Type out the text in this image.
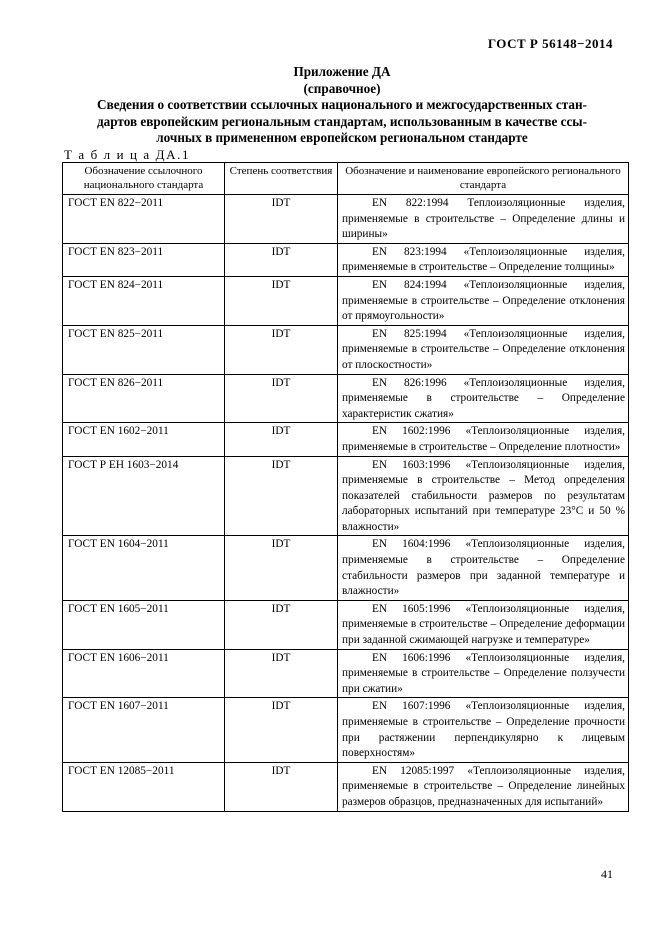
ГОСТ Р 56148−2014
Приложение ДА
(справочное)
Сведения о соответствии ссылочных национального и межгосударственных стан-
дартов европейским региональным стандартам, использованным в качестве ссы-
лочных в примененном европейском региональном стандарте
Т а б л и ц а ДА.1
Обозначение ссылочного национального стандарта	Степень соответствия	Обозначение и наименование европейского регионального стандарта
ГОСТ EN 822−2011	IDT	EN 822:1994 Теплоизоляционные изделия, применяемые в строительстве – Определение длины и ширины»
ГОСТ EN 823−2011	IDT	EN 823:1994 «Теплоизоляционные изделия, применяемые в строительстве – Определение толщины»
ГОСТ EN 824−2011	IDT	EN 824:1994 «Теплоизоляционные изделия, применяемые в строительстве – Определение отклонения от прямоугольности»
ГОСТ EN 825−2011	IDT	EN 825:1994 «Теплоизоляционные изделия, применяемые в строительстве – Определение отклонения от плоскостности»
ГОСТ EN 826−2011	IDT	EN 826:1996 «Теплоизоляционные изделия, применяемые в строительстве – Определение характеристик сжатия»
ГОСТ EN 1602−2011	IDT	EN 1602:1996 «Теплоизоляционные изделия, применяемые в строительстве – Определение плотности»
ГОСТ Р ЕН 1603−2014	IDT	EN 1603:1996 «Теплоизоляционные изделия, применяемые в строительстве – Метод определения показателей стабильности размеров по результатам лабораторных испытаний при температуре 23°С и 50 % влажности»
ГОСТ EN 1604−2011	IDT	EN 1604:1996 «Теплоизоляционные изделия, применяемые в строительстве – Определение стабильности размеров при заданной температуре и влажности»
ГОСТ EN 1605−2011	IDT	EN 1605:1996 «Теплоизоляционные изделия, применяемые в строительстве – Определение деформации при заданной сжимающей нагрузке и температуре»
ГОСТ EN 1606−2011	IDT	EN 1606:1996 «Теплоизоляционные изделия, применяемые в строительстве – Определение ползучести при сжатии»
ГОСТ EN 1607−2011	IDT	EN 1607:1996 «Теплоизоляционные изделия, применяемые в строительстве – Определение прочности при растяжении перпендикулярно к лицевым поверхностям»
ГОСТ EN 12085−2011	IDT	EN 12085:1997 «Теплоизоляционные изделия, применяемые в строительстве – Определение линейных размеров образцов, предназначенных для испытаний»
41
